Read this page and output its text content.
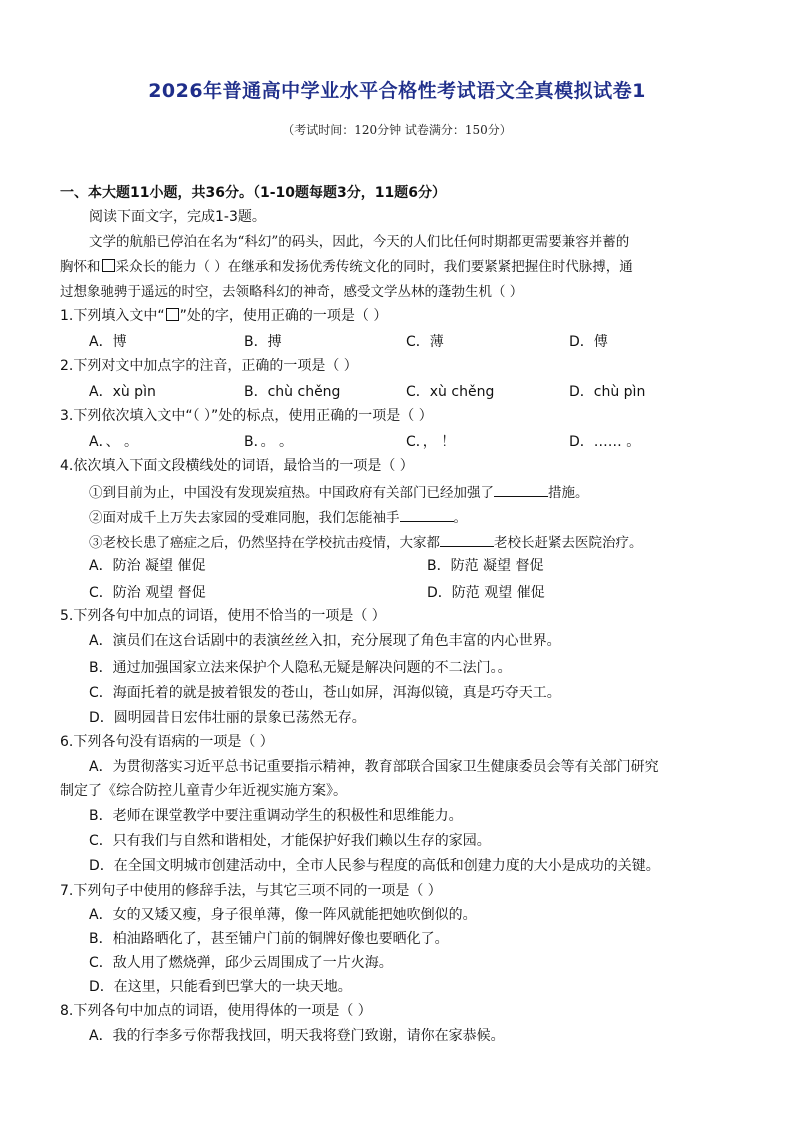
2026年普通高中学业水平合格性考试语文全真模拟试卷1
（考试时间：120分钟 试卷满分：150分）
一、本大题11小题，共36分。（1-10题每题3分，11题6分）
阅读下面文字，完成1-3题。
文学的航船已停泊在名为“科幻”的码头，因此，今天的人们比任何时期都更需要兼容并蓄的
胸怀和 采众长的能力（ ）在继承和发扬优秀传统文化的同时，我们要紧紧把握住时代脉搏，通
过想象驰骋于遥远的时空，去领略科幻的神奇，感受文学丛林的蓬勃生机（ ）
1.下列填入文中“ ”处的字，使用正确的一项是（ ）
A．博	B．搏	C．薄	D．傅
2.下列对文中加点字的注音，正确的一项是（ ）
A．xù pìn	B．chù chěng	C．xù chěng	D．chù pìn
3.下列依次填入文中“（ ）”处的标点，使用正确的一项是（ ）
A．、 。	B．。 。	C．， ！	D．…… 。
4.依次填入下面文段横线处的词语，最恰当的一项是（ ）
①到目前为止，中国没有发现炭疽热。中国政府有关部门已经加强了	措施。
②面对成千上万失去家园的受难同胞，我们怎能袖手	。
③老校长患了癌症之后，仍然坚持在学校抗击疫情，大家都	老校长赶紧去医院治疗。
A．防治 凝望 催促	B．防范 凝望 督促
C．防治 观望 督促	D．防范 观望 催促
5.下列各句中加点的词语，使用不恰当的一项是（ ）
A．演员们在这台话剧中的表演丝丝入扣，充分展现了角色丰富的内心世界。
B．通过加强国家立法来保护个人隐私无疑是解决问题的不二法门。。
C．海面托着的就是披着银发的苍山，苍山如屏，洱海似镜，真是巧夺天工。
D．圆明园昔日宏伟壮丽的景象已荡然无存。
6.下列各句没有语病的一项是（ ）
A．为贯彻落实习近平总书记重要指示精神，教育部联合国家卫生健康委员会等有关部门研究
制定了《综合防控儿童青少年近视实施方案》。
B．老师在课堂教学中要注重调动学生的积极性和思维能力。
C．只有我们与自然和谐相处，才能保护好我们赖以生存的家园。
D．在全国文明城市创建活动中，全市人民参与程度的高低和创建力度的大小是成功的关键。
7.下列句子中使用的修辞手法，与其它三项不同的一项是（ ）
A．女的又矮又瘦，身子很单薄，像一阵风就能把她吹倒似的。
B．柏油路晒化了，甚至铺户门前的铜牌好像也要晒化了。
C．敌人用了燃烧弹，邱少云周围成了一片火海。
D．在这里，只能看到巴掌大的一块天地。
8.下列各句中加点的词语，使用得体的一项是（ ）
A．我的行李多亏你帮我找回，明天我将登门致谢，请你在家恭候。
